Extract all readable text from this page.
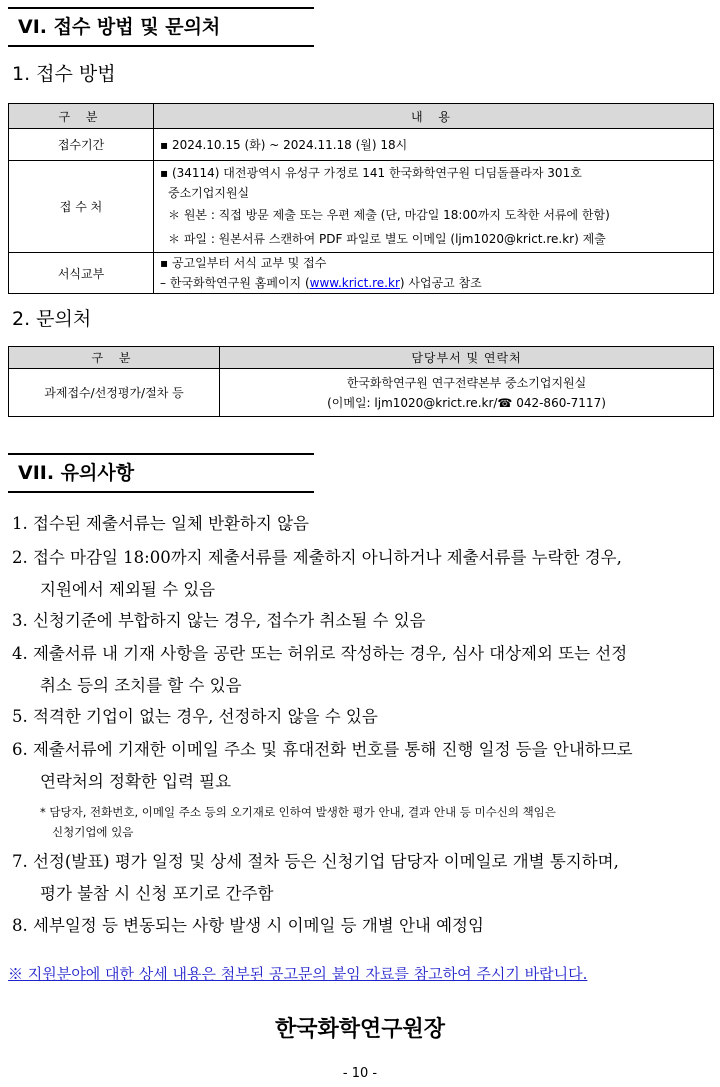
VI. 접수 방법 및 문의처
1. 접수 방법
구 분	내 용
접수기간	▪ 2024.10.15 (화) ~ 2024.11.18 (월) 18시

접 수 처	▪ (34114) 대전광역시 유성구 가정로 141 한국화학연구원 디딤돌플라자 301호
중소기업지원실
＊ 원본 : 직접 방문 제출 또는 우편 제출 (단, 마감일 18:00까지 도착한 서류에 한함)
＊ 파일 : 원본서류 스캔하여 PDF 파일로 별도 이메일 (ljm1020@krict.re.kr) 제출

서식교부	▪ 공고일부터 서식 교부 및 접수
– 한국화학연구원 홈페이지 (www.krict.re.kr) 사업공고 참조
2. 문의처
구 분	담당부서 및 연락처
과제접수/선정평가/절차 등	한국화학연구원 연구전략본부 중소기업지원실
(이메일: ljm1020@krict.re.kr/☎ 042-860-7117)
VII. 유의사항
1. 접수된 제출서류는 일체 반환하지 않음
2. 접수 마감일 18:00까지 제출서류를 제출하지 아니하거나 제출서류를 누락한 경우,
지원에서 제외될 수 있음
3. 신청기준에 부합하지 않는 경우, 접수가 취소될 수 있음
4. 제출서류 내 기재 사항을 공란 또는 허위로 작성하는 경우, 심사 대상제외 또는 선정
취소 등의 조치를 할 수 있음
5. 적격한 기업이 없는 경우, 선정하지 않을 수 있음
6. 제출서류에 기재한 이메일 주소 및 휴대전화 번호를 통해 진행 일정 등을 안내하므로
연락처의 정확한 입력 필요
* 담당자, 전화번호, 이메일 주소 등의 오기재로 인하여 발생한 평가 안내, 결과 안내 등 미수신의 책임은
신청기업에 있음
7. 선정(발표) 평가 일정 및 상세 절차 등은 신청기업 담당자 이메일로 개별 통지하며,
평가 불참 시 신청 포기로 간주함
8. 세부일정 등 변동되는 사항 발생 시 이메일 등 개별 안내 예정임
※ 지원분야에 대한 상세 내용은 첨부된 공고문의 붙임 자료를 참고하여 주시기 바랍니다.
한국화학연구원장
- 10 -
